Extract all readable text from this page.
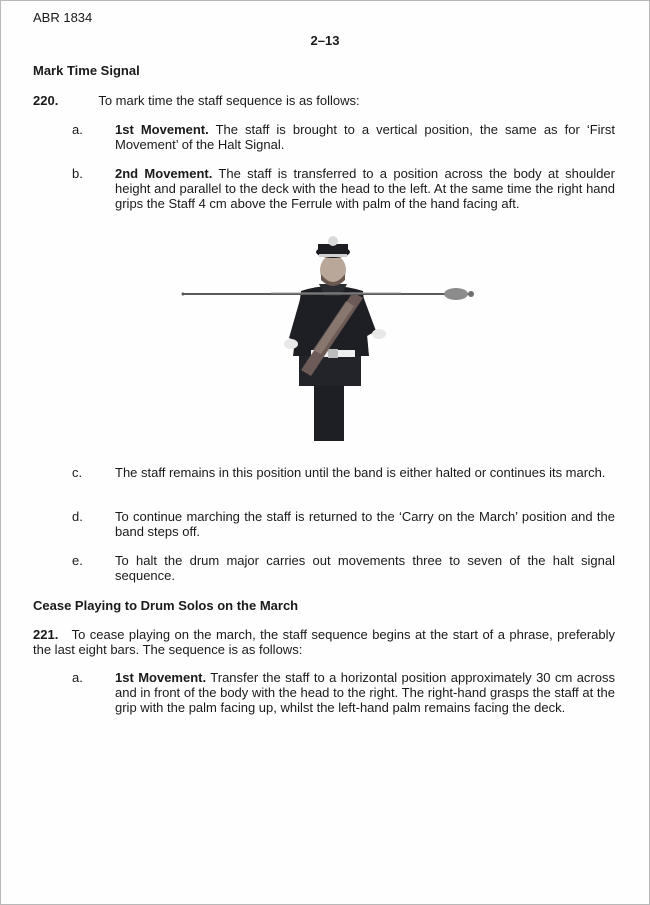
ABR 1834
2–13
Mark Time Signal
220.	To mark time the staff sequence is as follows:
a. 1st Movement. The staff is brought to a vertical position, the same as for ‘First Movement’ of the Halt Signal.
b. 2nd Movement. The staff is transferred to a position across the body at shoulder height and parallel to the deck with the head to the left. At the same time the right hand grips the Staff 4 cm above the Ferrule with palm of the hand facing aft.
c.	The staff remains in this position until the band is either halted or continues its march.
d. To continue marching the staff is returned to the ‘Carry on the March’ position and the band steps off.
e. To halt the drum major carries out movements three to seven of the halt signal sequence.
Cease Playing to Drum Solos on the March
221. To cease playing on the march, the staff sequence begins at the start of a phrase, preferably the last eight bars. The sequence is as follows:
a. 1st Movement. Transfer the staff to a horizontal position approximately 30 cm across and in front of the body with the head to the right. The right-hand grasps the staff at the grip with the palm facing up, whilst the left-hand palm remains facing the deck.
